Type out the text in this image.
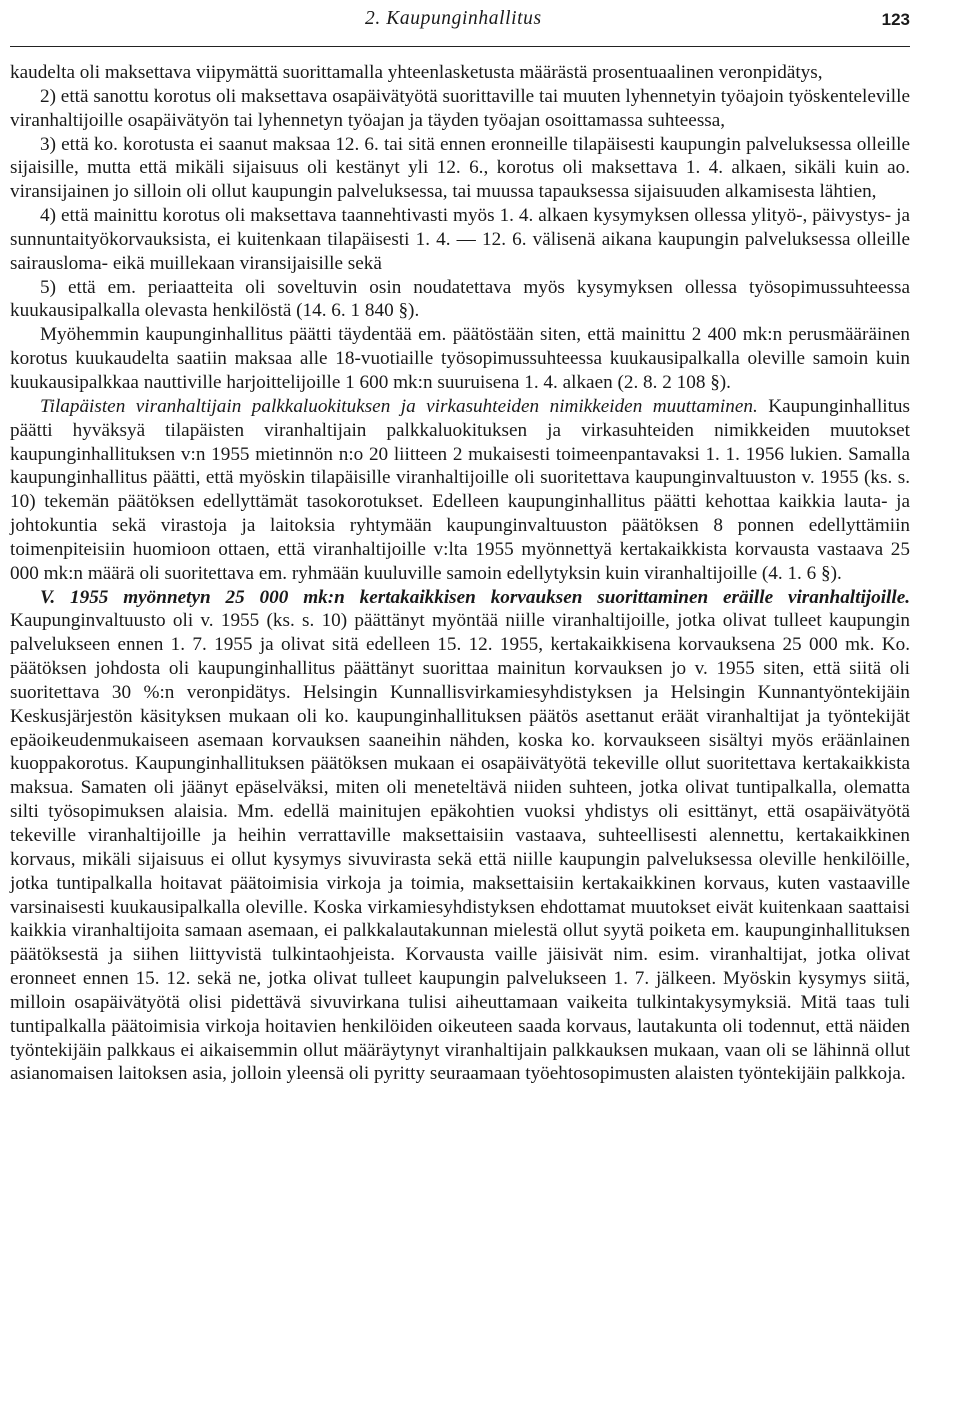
2. Kaupunginhallitus	123

kaudelta oli maksettava viipymättä suorittamalla yhteenlasketusta määrästä prosentuaalinen veronpidätys,

2) että sanottu korotus oli maksettava osapäivätyötä suorittaville tai muuten lyhennetyin työajoin työskenteleville viranhaltijoille osapäivätyön tai lyhennetyn työajan ja täyden työajan osoittamassa suhteessa,

3) että ko. korotusta ei saanut maksaa 12. 6. tai sitä ennen eronneille tilapäisesti kaupungin palveluksessa olleille sijaisille, mutta että mikäli sijaisuus oli kestänyt yli 12. 6., korotus oli maksettava 1. 4. alkaen, sikäli kuin ao. viransijainen jo silloin oli ollut kaupungin palveluksessa, tai muussa tapauksessa sijaisuuden alkamisesta lähtien,

4) että mainittu korotus oli maksettava taannehtivasti myös 1. 4. alkaen kysymyksen ollessa ylityö-, päivystys- ja sunnuntaityökorvauksista, ei kuitenkaan tilapäisesti 1. 4. — 12. 6. välisenä aikana kaupungin palveluksessa olleille sairausloma- eikä muillekaan viransijaisille sekä

5) että em. periaatteita oli soveltuvin osin noudatettava myös kysymyksen ollessa työsopimussuhteessa kuukausipalkalla olevasta henkilöstä (14. 6. 1 840 §).

Myöhemmin kaupunginhallitus päätti täydentää em. päätöstään siten, että mainittu 2 400 mk:n perusmääräinen korotus kuukaudelta saatiin maksaa alle 18-vuotiaille työsopimussuhteessa kuukausipalkalla oleville samoin kuin kuukausipalkkaa nauttiville harjoittelijoille 1 600 mk:n suuruisena 1. 4. alkaen (2. 8. 2 108 §).

Tilapäisten viranhaltijain palkkaluokituksen ja virkasuhteiden nimikkeiden muuttaminen. Kaupunginhallitus päätti hyväksyä tilapäisten viranhaltijain palkkaluokituksen ja virkasuhteiden nimikkeiden muutokset kaupunginhallituksen v:n 1955 mietinnön n:o 20 liitteen 2 mukaisesti toimeenpantavaksi 1. 1. 1956 lukien. Samalla kaupunginhallitus päätti, että myöskin tilapäisille viranhaltijoille oli suoritettava kaupunginvaltuuston v. 1955 (ks. s. 10) tekemän päätöksen edellyttämät tasokorotukset. Edelleen kaupunginhallitus päätti kehottaa kaikkia lauta- ja johtokuntia sekä virastoja ja laitoksia ryhtymään kaupunginvaltuuston päätöksen 8 ponnen edellyttämiin toimenpiteisiin huomioon ottaen, että viranhaltijoille v:lta 1955 myönnettyä kertakaikkista korvausta vastaava 25 000 mk:n määrä oli suoritettava em. ryhmään kuuluville samoin edellytyksin kuin viranhaltijoille (4. 1. 6 §).

V. 1955 myönnetyn 25 000 mk:n kertakaikkisen korvauksen suorittaminen eräille viranhaltijoille. Kaupunginvaltuusto oli v. 1955 (ks. s. 10) päättänyt myöntää niille viranhaltijoille, jotka olivat tulleet kaupungin palvelukseen ennen 1. 7. 1955 ja olivat sitä edelleen 15. 12. 1955, kertakaikkisena korvauksena 25 000 mk. Ko. päätöksen johdosta oli kaupunginhallitus päättänyt suorittaa mainitun korvauksen jo v. 1955 siten, että siitä oli suoritettava 30 %:n veronpidätys. Helsingin Kunnallisvirkamiesyhdistyksen ja Helsingin Kunnantyöntekijäin Keskusjärjestön käsityksen mukaan oli ko. kaupunginhallituksen päätös asettanut eräät viranhaltijat ja työntekijät epäoikeudenmukaiseen asemaan korvauksen saaneihin nähden, koska ko. korvaukseen sisältyi myös eräänlainen kuoppakorotus. Kaupunginhallituksen päätöksen mukaan ei osapäivätyötä tekeville ollut suoritettava kertakaikkista maksua. Samaten oli jäänyt epäselväksi, miten oli meneteltävä niiden suhteen, jotka olivat tuntipalkalla, olematta silti työsopimuksen alaisia. Mm. edellä mainitujen epäkohtien vuoksi yhdistys oli esittänyt, että osapäivätyötä tekeville viranhaltijoille ja heihin verrattaville maksettaisiin vastaava, suhteellisesti alennettu, kertakaikkinen korvaus, mikäli sijaisuus ei ollut kysymys sivuvirasta sekä että niille kaupungin palveluksessa oleville henkilöille, jotka tuntipalkalla hoitavat päätoimisia virkoja ja toimia, maksettaisiin kertakaikkinen korvaus, kuten vastaaville varsinaisesti kuukausipalkalla oleville. Koska virkamiesyhdistyksen ehdottamat muutokset eivät kuitenkaan saattaisi kaikkia viranhaltijoita samaan asemaan, ei palkkalautakunnan mielestä ollut syytä poiketa em. kaupunginhallituksen päätöksestä ja siihen liittyvistä tulkintaohjeista. Korvausta vaille jäisivät nim. esim. viranhaltijat, jotka olivat eronneet ennen 15. 12. sekä ne, jotka olivat tulleet kaupungin palvelukseen 1. 7. jälkeen. Myöskin kysymys siitä, milloin osapäivätyötä olisi pidettävä sivuvirkana tulisi aiheuttamaan vaikeita tulkintakysymyksiä. Mitä taas tuli tuntipalkalla päätoimisia virkoja hoitavien henkilöiden oikeuteen saada korvaus, lautakunta oli todennut, että näiden työntekijäin palkkaus ei aikaisemmin ollut määräytynyt viranhaltijain palkkauksen mukaan, vaan oli se lähinnä ollut asianomaisen laitoksen asia, jolloin yleensä oli pyritty seuraamaan työehtosopimusten alaisten työntekijäin palkkoja.
